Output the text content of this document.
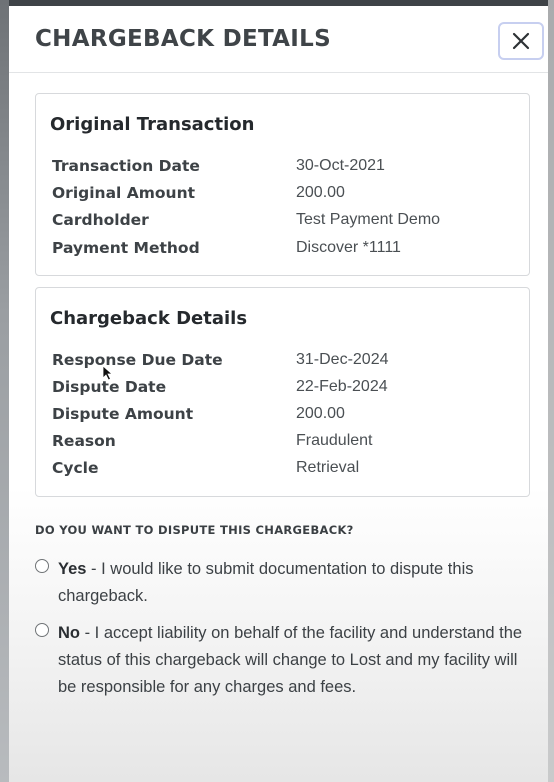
CHARGEBACK DETAILS
Original Transaction
Transaction Date	30-Oct-2021
Original Amount	200.00
Cardholder	Test Payment Demo
Payment Method	Discover *1111
Chargeback Details
Response Due Date	31-Dec-2024
Dispute Date	22-Feb-2024
Dispute Amount	200.00
Reason	Fraudulent
Cycle	Retrieval
DO YOU WANT TO DISPUTE THIS CHARGEBACK?
Yes - I would like to submit documentation to dispute this chargeback.
No - I accept liability on behalf of the facility and understand the status of this chargeback will change to Lost and my facility will be responsible for any charges and fees.
